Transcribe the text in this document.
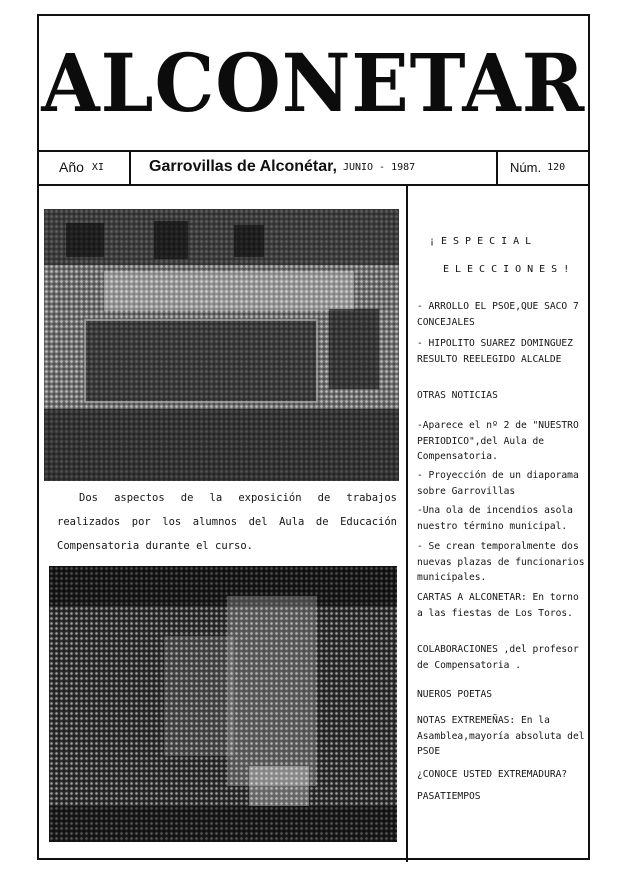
ALCONETAR
Año XI	Garrovillas de Alconétar, JUNIO - 1987	Núm. 120

Dos aspectos de la exposición de trabajos realizados por los alumnos del Aula de Educación Compensatoria durante el curso.

¡ESPECIAL
ELECCIONES!
- ARROLLO EL PSOE,QUE SACO 7 CONCEJALES
- HIPOLITO SUAREZ DOMINGUEZ RESULTO REELEGIDO ALCALDE
OTRAS NOTICIAS
-Aparece el nº 2 de "NUESTRO PERIODICO",del Aula de Compensatoria.
- Proyección de un diaporama sobre Garrovillas
-Una ola de incendios asola nuestro término municipal.
- Se crean temporalmente dos nuevas plazas de funcionarios municipales.
CARTAS A ALCONETAR: En torno a las fiestas de Los Toros.
COLABORACIONES ,del profesor de Compensatoria .
NUEROS POETAS
NOTAS EXTREMEÑAS: En la Asamblea,mayoría absoluta del PSOE
¿CONOCE USTED EXTREMADURA?
PASATIEMPOS
